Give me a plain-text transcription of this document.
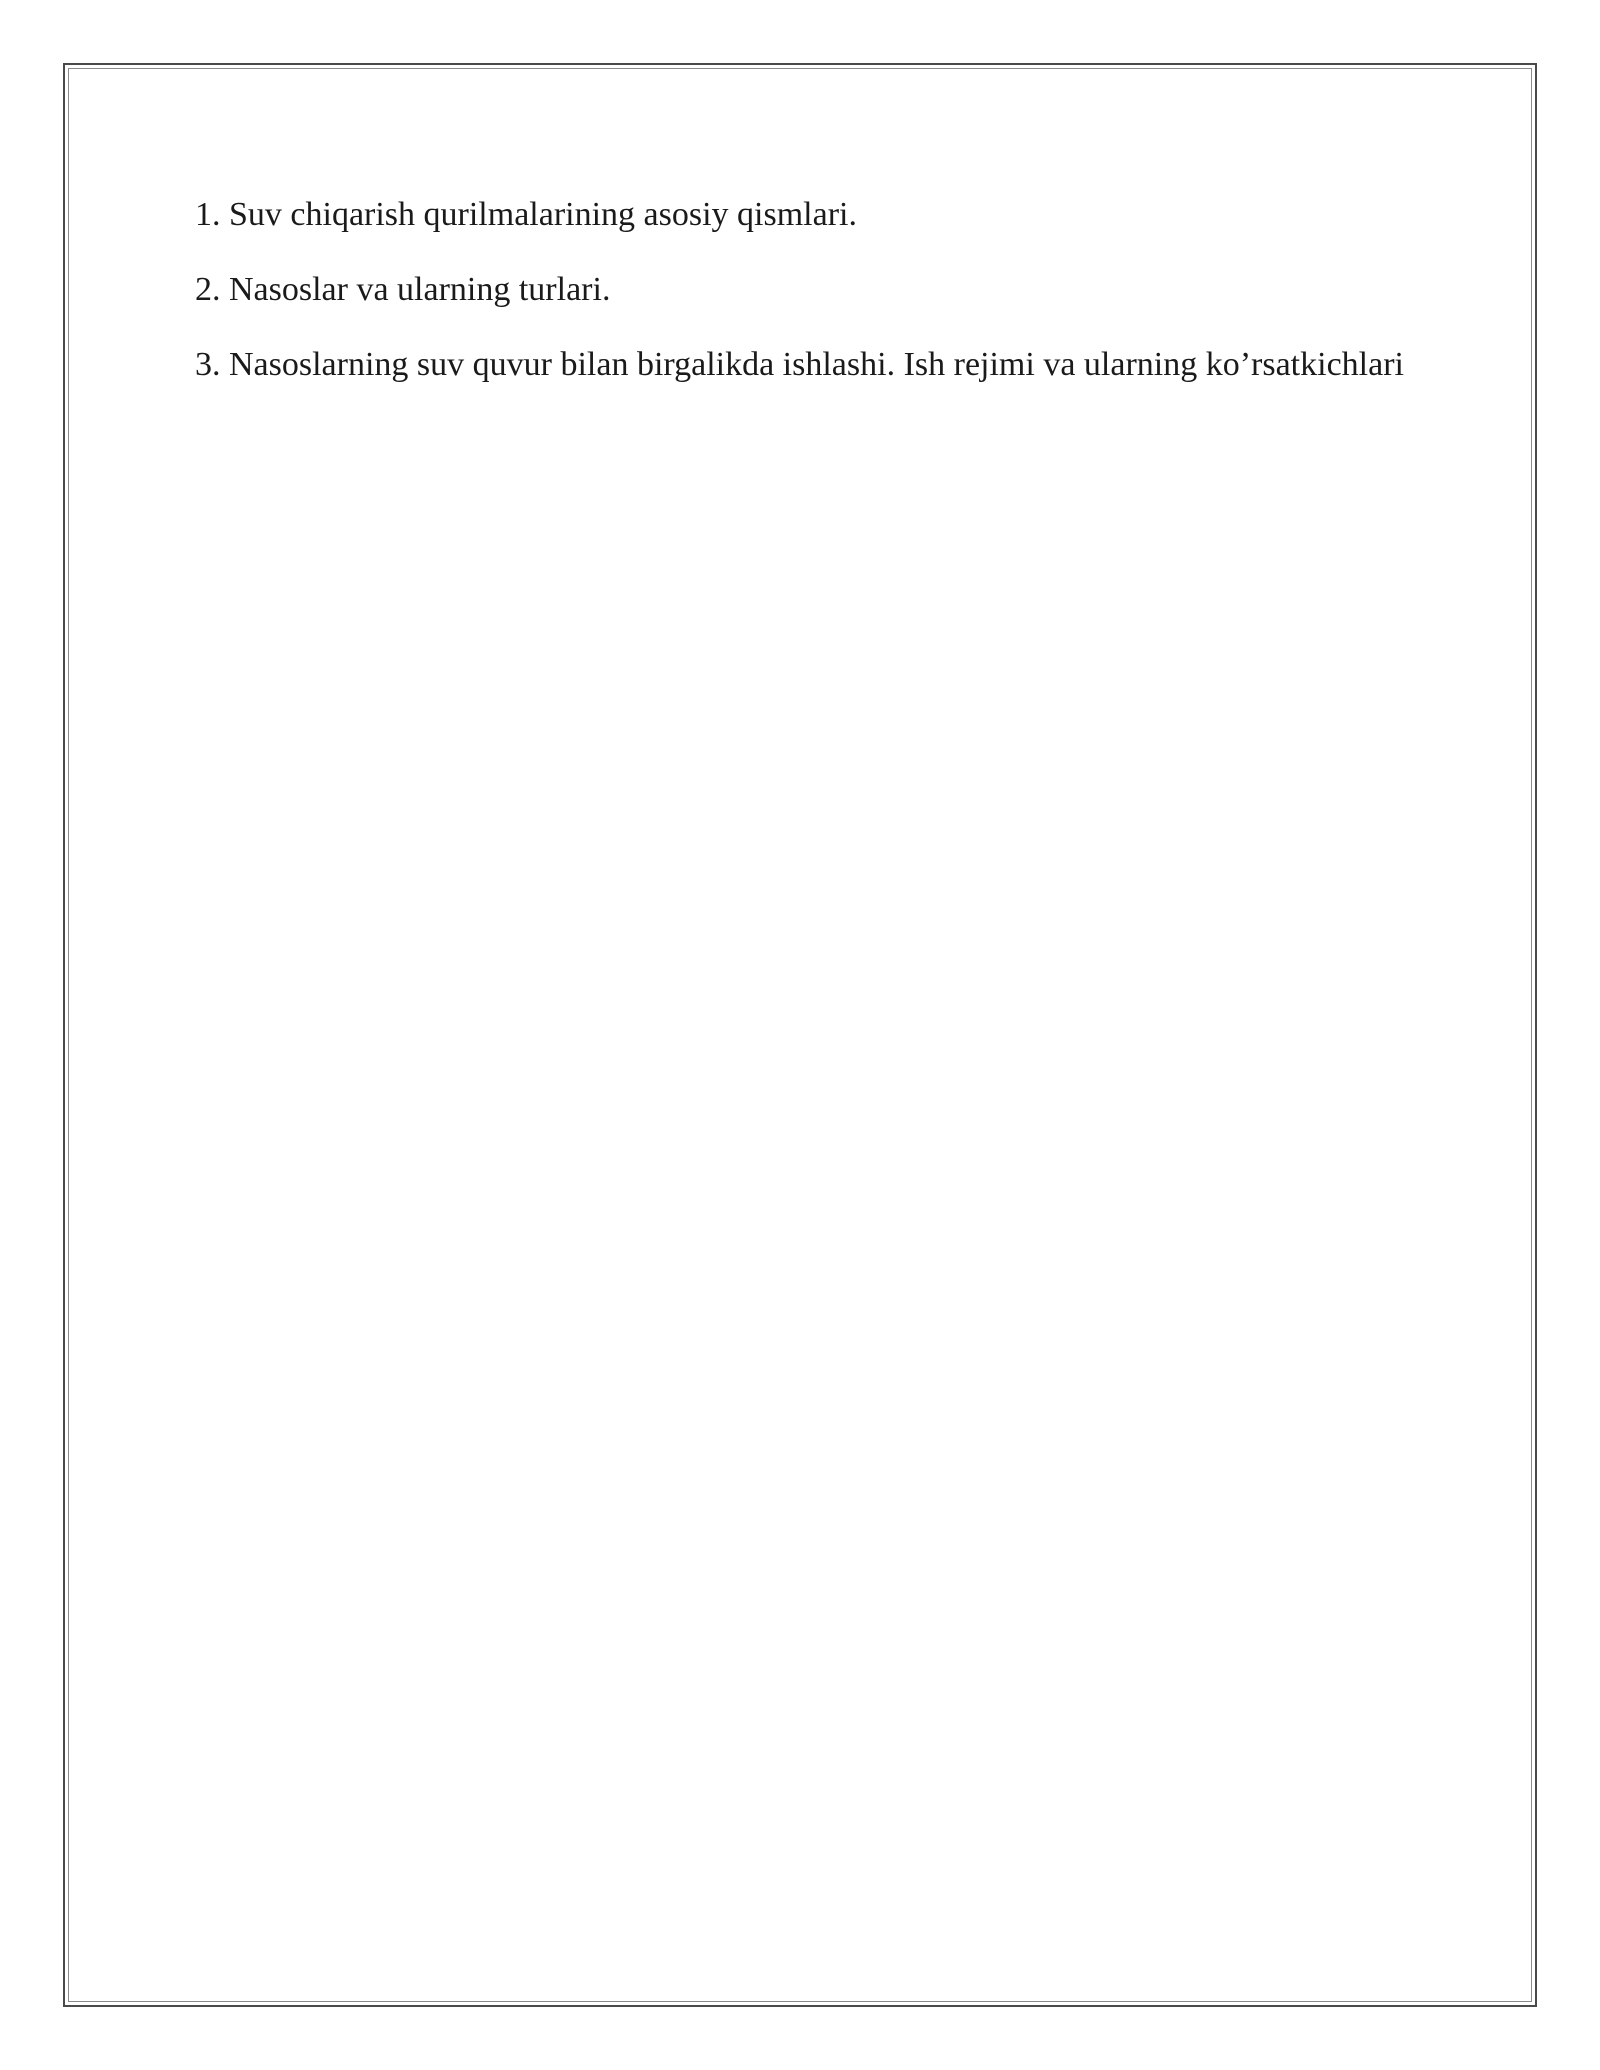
1. Suv chiqarish qurilmalarining asosiy qismlari.

2. Nasoslar va ularning turlari.

3. Nasoslarning suv quvur bilan birgalikda ishlashi. Ish rejimi va ularning ko’rsatkichlari
